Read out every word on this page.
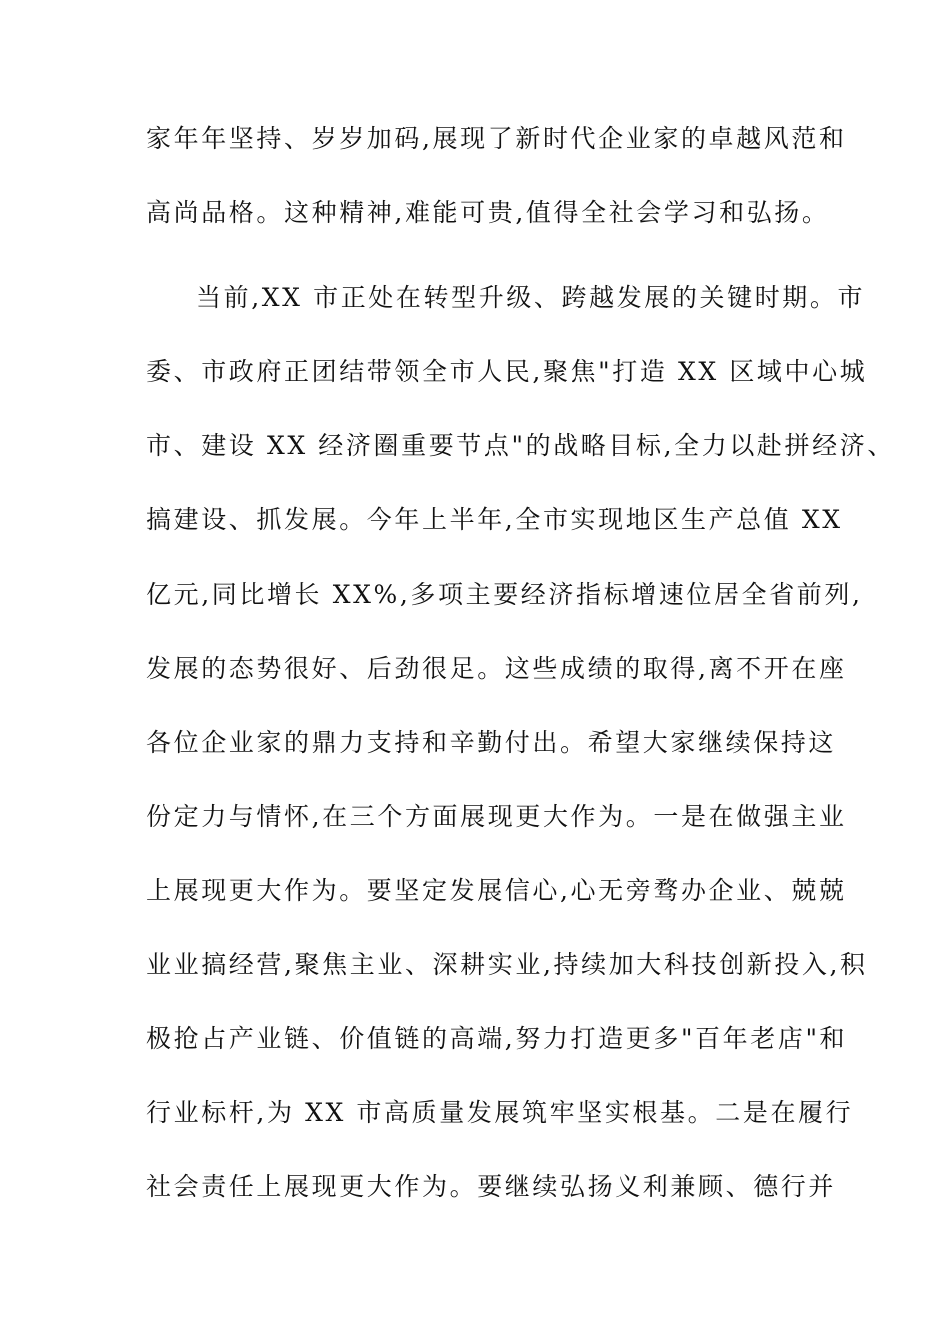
家年年坚持、岁岁加码,展现了新时代企业家的卓越风范和
高尚品格。这种精神,难能可贵,值得全社会学习和弘扬。
当前,XX 市正处在转型升级、跨越发展的关键时期。市
委、市政府正团结带领全市人民,聚焦"打造 XX 区域中心城
市、建设 XX 经济圈重要节点"的战略目标,全力以赴拼经济、
搞建设、抓发展。今年上半年,全市实现地区生产总值 XX
亿元,同比增长 XX%,多项主要经济指标增速位居全省前列,
发展的态势很好、后劲很足。这些成绩的取得,离不开在座
各位企业家的鼎力支持和辛勤付出。希望大家继续保持这
份定力与情怀,在三个方面展现更大作为。一是在做强主业
上展现更大作为。要坚定发展信心,心无旁骛办企业、兢兢
业业搞经营,聚焦主业、深耕实业,持续加大科技创新投入,积
极抢占产业链、价值链的高端,努力打造更多"百年老店"和
行业标杆,为 XX 市高质量发展筑牢坚实根基。二是在履行
社会责任上展现更大作为。要继续弘扬义利兼顾、德行并
